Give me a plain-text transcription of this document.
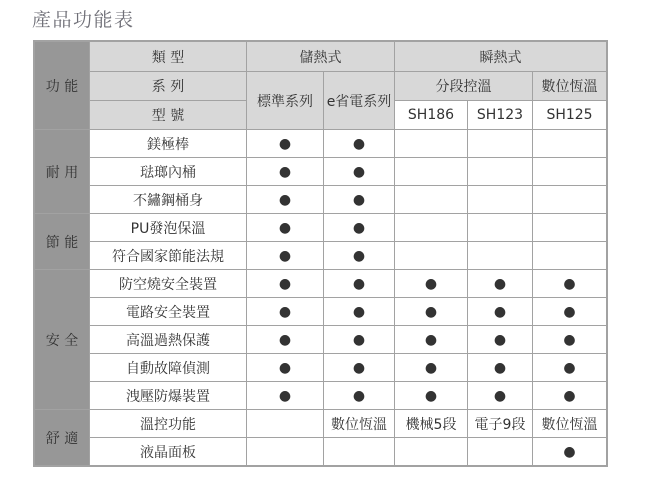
產品功能表
功 能	類 型	儲熱式		瞬熱式		
	系 列	標準系列	e省電系列	分段控溫		數位恆溫
	型 號			SH186	SH123	SH125
耐 用	鎂極棒	●	●			
	琺瑯內桶	●	●			
	不鏽鋼桶身	●	●			
節 能	PU發泡保溫	●	●			
	符合國家節能法規	●	●			
安 全	防空燒安全裝置	●	●	●	●	●
	電路安全裝置	●	●	●	●	●
	高溫過熱保護	●	●	●	●	●
	自動故障偵測	●	●	●	●	●
	洩壓防爆裝置	●	●	●	●	●
舒 適	溫控功能		數位恆溫	機械5段	電子9段	數位恆溫
	液晶面板					●
